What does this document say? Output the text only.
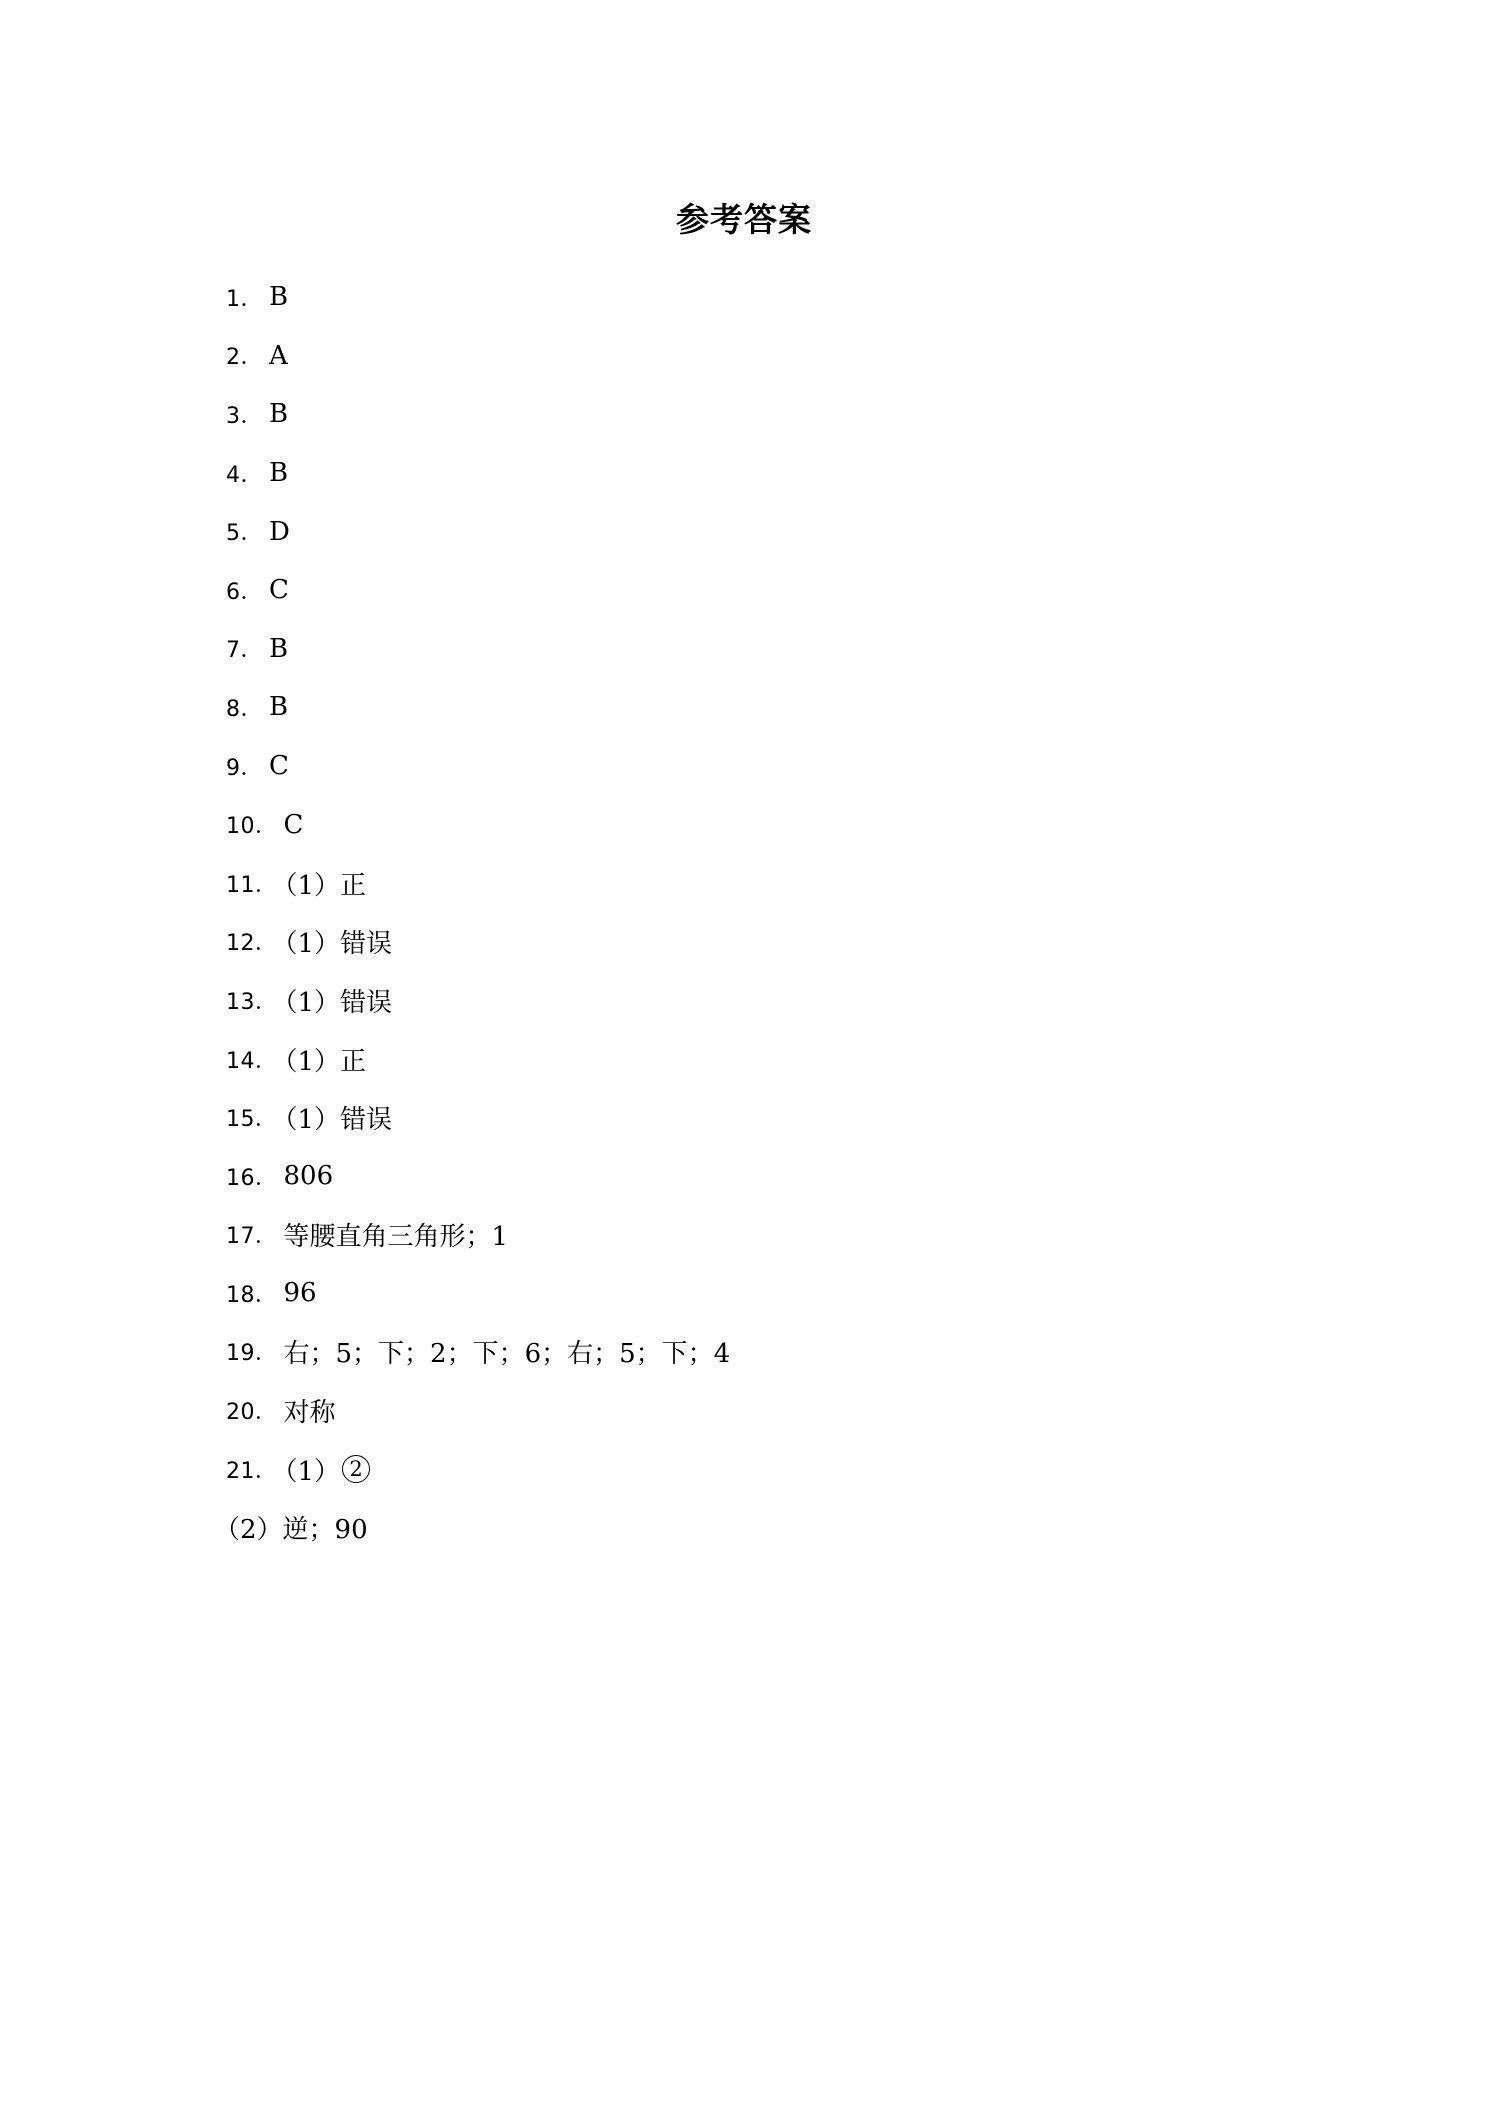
参考答案
1． B
2． A
3． B
4． B
5． D
6． C
7． B
8． B
9． C
10． C
11．
（1）正
12．
（1）错误
13．
（1）错误
14．
（1）正
15．
（1）错误
16． 806
17． 等腰直角三角形；1
18． 96
19． 右；5；下；2；下；6；右；5；下；4
20． 对称
21．
（1） 2
（2）逆；90
